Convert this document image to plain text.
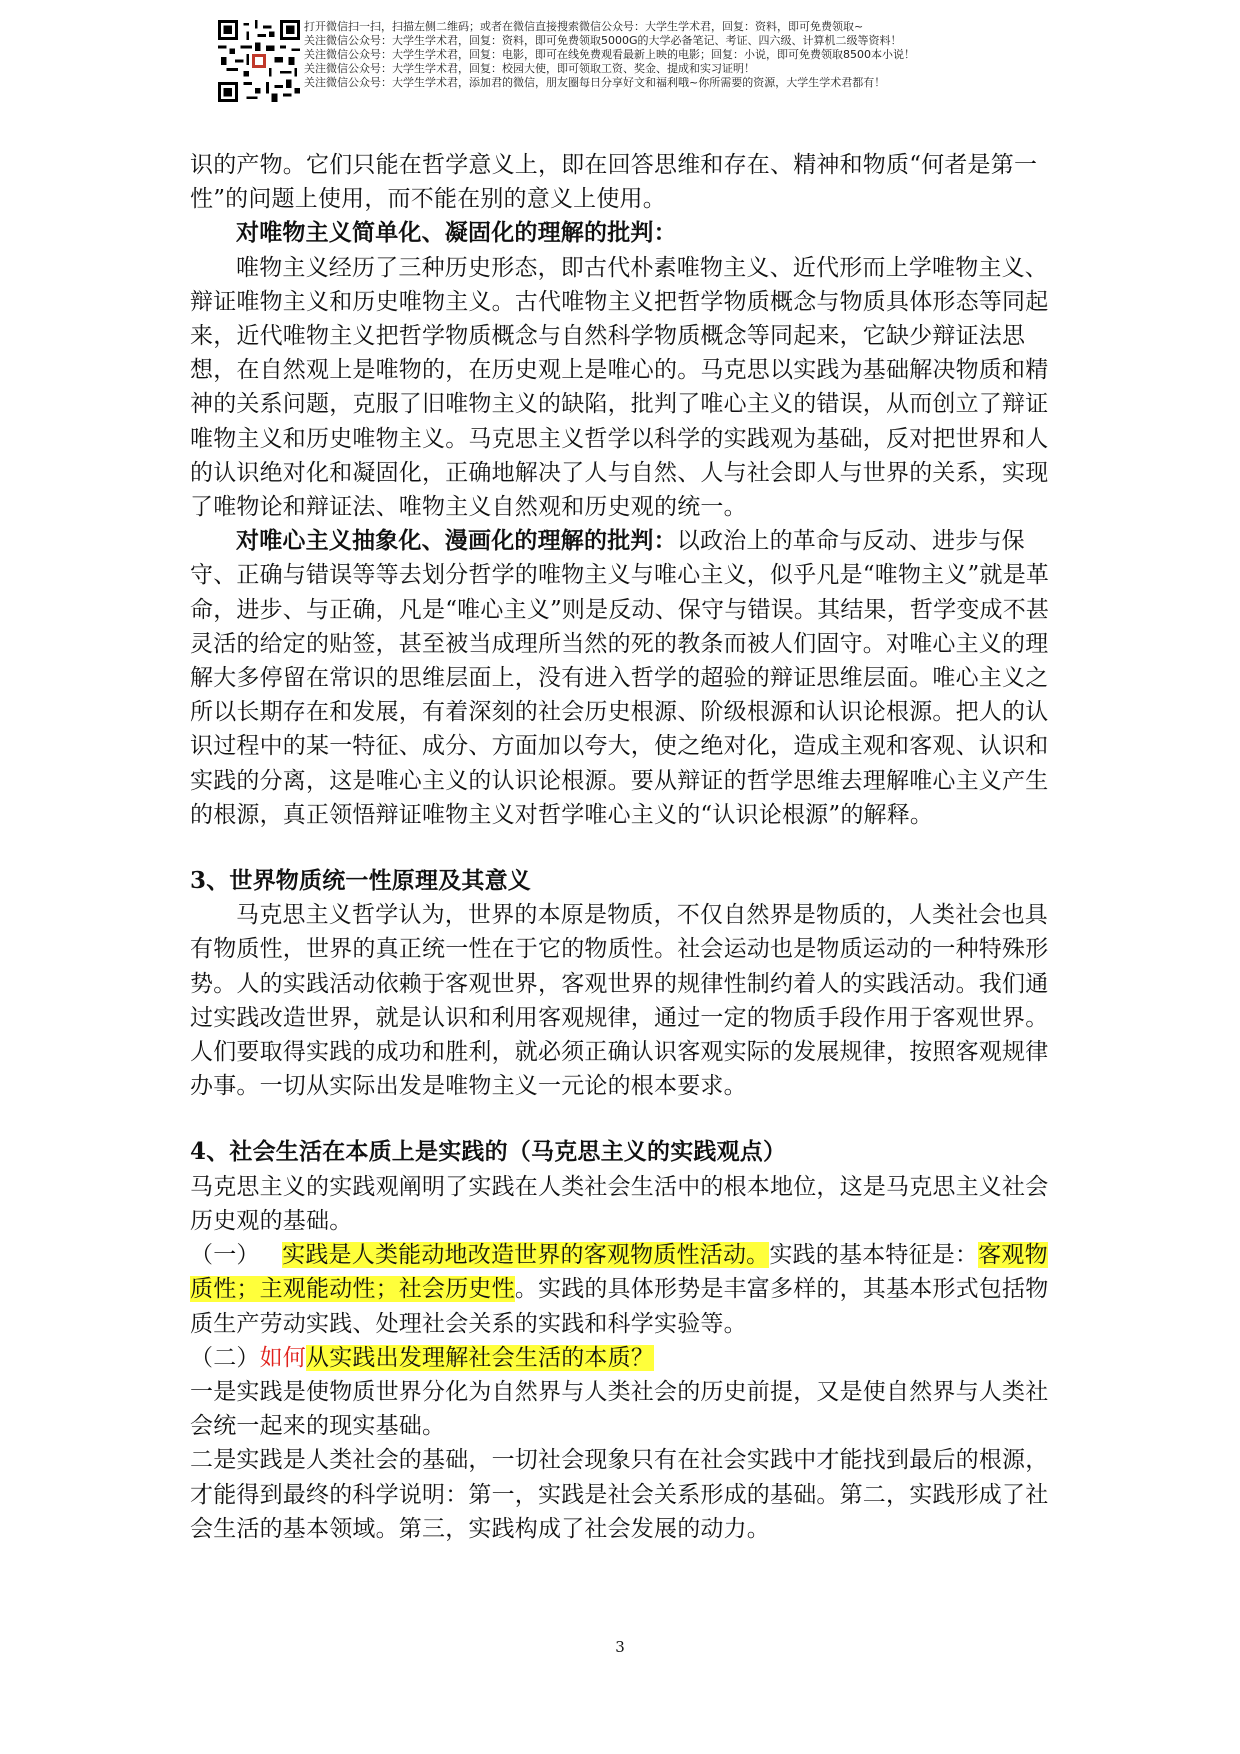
打开微信扫一扫，扫描左侧二维码；或者在微信直接搜索微信公众号：大学生学术君，回复：资料，即可免费领取~
关注微信公众号：大学生学术君，回复：资料，即可免费领取5000G的大学必备笔记、考证、四六级、计算机二级等资料！
关注微信公众号：大学生学术君，回复：电影，即可在线免费观看最新上映的电影；回复：小说，即可免费领取8500本小说！
关注微信公众号：大学生学术君，回复：校园大使，即可领取工资、奖金、提成和实习证明！
关注微信公众号：大学生学术君，添加君的微信，朋友圈每日分享好文和福利哦~你所需要的资源，大学生学术君都有！

识的产物。它们只能在哲学意义上，即在回答思维和存在、精神和物质“何者是第一性”的问题上使用，而不能在别的意义上使用。

对唯物主义简单化、凝固化的理解的批判：

唯物主义经历了三种历史形态，即古代朴素唯物主义、近代形而上学唯物主义、辩证唯物主义和历史唯物主义。古代唯物主义把哲学物质概念与物质具体形态等同起来，近代唯物主义把哲学物质概念与自然科学物质概念等同起来，它缺少辩证法思想，在自然观上是唯物的，在历史观上是唯心的。马克思以实践为基础解决物质和精神的关系问题，克服了旧唯物主义的缺陷，批判了唯心主义的错误，从而创立了辩证唯物主义和历史唯物主义。马克思主义哲学以科学的实践观为基础，反对把世界和人的认识绝对化和凝固化，正确地解决了人与自然、人与社会即人与世界的关系，实现了唯物论和辩证法、唯物主义自然观和历史观的统一。

对唯心主义抽象化、漫画化的理解的批判：以政治上的革命与反动、进步与保守、正确与错误等等去划分哲学的唯物主义与唯心主义，似乎凡是“唯物主义”就是革命，进步、与正确，凡是“唯心主义”则是反动、保守与错误。其结果，哲学变成不甚灵活的给定的贴签，甚至被当成理所当然的死的教条而被人们固守。对唯心主义的理解大多停留在常识的思维层面上，没有进入哲学的超验的辩证思维层面。唯心主义之所以长期存在和发展，有着深刻的社会历史根源、阶级根源和认识论根源。把人的认识过程中的某一特征、成分、方面加以夸大，使之绝对化，造成主观和客观、认识和实践的分离，这是唯心主义的认识论根源。要从辩证的哲学思维去理解唯心主义产生的根源，真正领悟辩证唯物主义对哲学唯心主义的“认识论根源”的解释。

3、世界物质统一性原理及其意义

马克思主义哲学认为，世界的本原是物质，不仅自然界是物质的，人类社会也具有物质性，世界的真正统一性在于它的物质性。社会运动也是物质运动的一种特殊形势。人的实践活动依赖于客观世界，客观世界的规律性制约着人的实践活动。我们通过实践改造世界，就是认识和利用客观规律，通过一定的物质手段作用于客观世界。人们要取得实践的成功和胜利，就必须正确认识客观实际的发展规律，按照客观规律办事。一切从实际出发是唯物主义一元论的根本要求。

4、社会生活在本质上是实践的（马克思主义的实践观点）

马克思主义的实践观阐明了实践在人类社会生活中的根本地位，这是马克思主义社会历史观的基础。

（一） 实践是人类能动地改造世界的客观物质性活动。实践的基本特征是：客观物质性；主观能动性；社会历史性。实践的具体形势是丰富多样的，其基本形式包括物质生产劳动实践、处理社会关系的实践和科学实验等。

（二）如何从实践出发理解社会生活的本质？

一是实践是使物质世界分化为自然界与人类社会的历史前提，又是使自然界与人类社会统一起来的现实基础。

二是实践是人类社会的基础，一切社会现象只有在社会实践中才能找到最后的根源，才能得到最终的科学说明：第一，实践是社会关系形成的基础。第二，实践形成了社会生活的基本领域。第三，实践构成了社会发展的动力。

3
